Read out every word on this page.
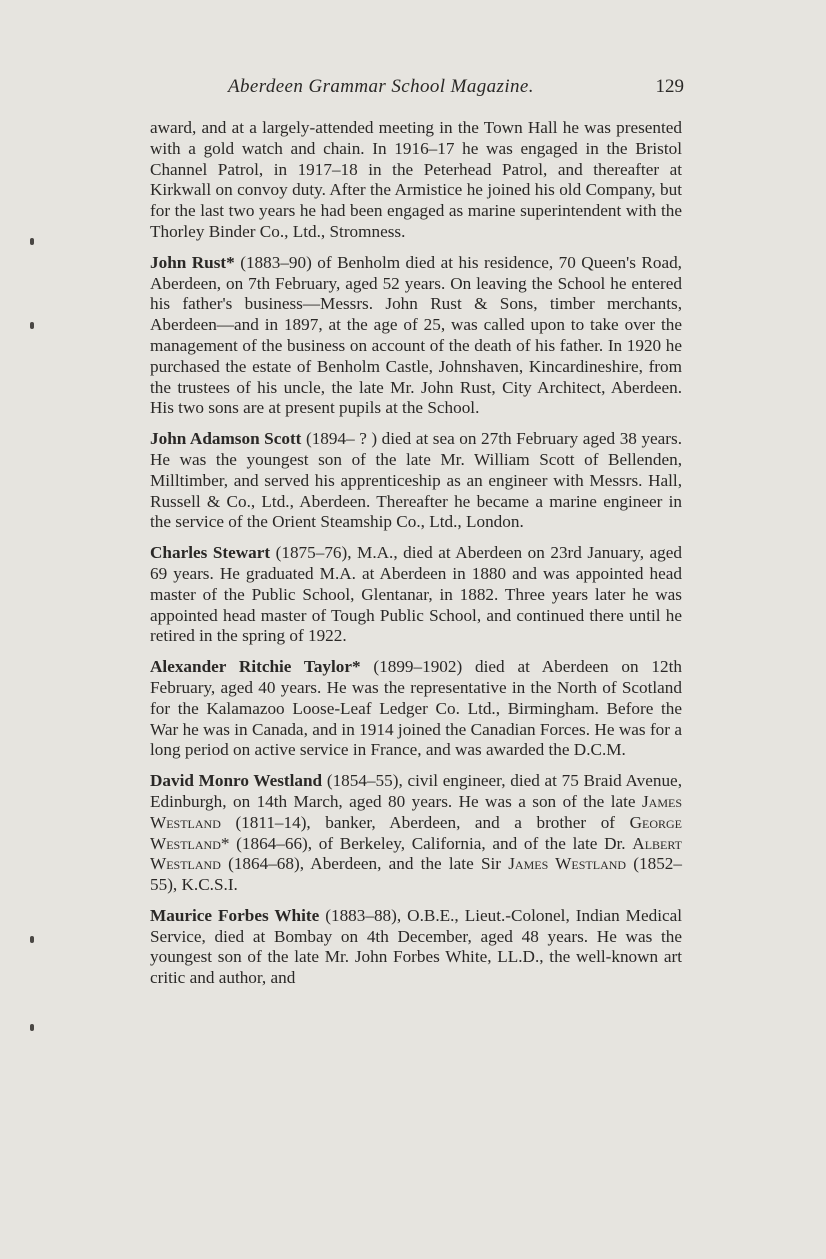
Aberdeen Grammar School Magazine.	129

award, and at a largely-attended meeting in the Town Hall he was presented with a gold watch and chain. In 1916–17 he was engaged in the Bristol Channel Patrol, in 1917–18 in the Peterhead Patrol, and thereafter at Kirkwall on convoy duty. After the Armistice he joined his old Company, but for the last two years he had been engaged as marine superintendent with the Thorley Binder Co., Ltd., Stromness.

John Rust* (1883–90) of Benholm died at his residence, 70 Queen's Road, Aberdeen, on 7th February, aged 52 years. On leaving the School he entered his father's business—Messrs. John Rust & Sons, timber merchants, Aberdeen—and in 1897, at the age of 25, was called upon to take over the management of the business on account of the death of his father. In 1920 he purchased the estate of Benholm Castle, Johnshaven, Kincardineshire, from the trustees of his uncle, the late Mr. John Rust, City Architect, Aberdeen. His two sons are at present pupils at the School.

John Adamson Scott (1894– ? ) died at sea on 27th February aged 38 years. He was the youngest son of the late Mr. William Scott of Bellenden, Milltimber, and served his apprenticeship as an engineer with Messrs. Hall, Russell & Co., Ltd., Aberdeen. Thereafter he became a marine engineer in the service of the Orient Steamship Co., Ltd., London.

Charles Stewart (1875–76), M.A., died at Aberdeen on 23rd January, aged 69 years. He graduated M.A. at Aberdeen in 1880 and was appointed head master of the Public School, Glentanar, in 1882. Three years later he was appointed head master of Tough Public School, and continued there until he retired in the spring of 1922.

Alexander Ritchie Taylor* (1899–1902) died at Aberdeen on 12th February, aged 40 years. He was the representative in the North of Scotland for the Kalamazoo Loose-Leaf Ledger Co. Ltd., Birmingham. Before the War he was in Canada, and in 1914 joined the Canadian Forces. He was for a long period on active service in France, and was awarded the D.C.M.

David Monro Westland (1854–55), civil engineer, died at 75 Braid Avenue, Edinburgh, on 14th March, aged 80 years. He was a son of the late James Westland (1811–14), banker, Aberdeen, and a brother of George Westland* (1864–66), of Berkeley, California, and of the late Dr. Albert Westland (1864–68), Aberdeen, and the late Sir James Westland (1852–55), K.C.S.I.

Maurice Forbes White (1883–88), O.B.E., Lieut.-Colonel, Indian Medical Service, died at Bombay on 4th December, aged 48 years. He was the youngest son of the late Mr. John Forbes White, LL.D., the well-known art critic and author, and
